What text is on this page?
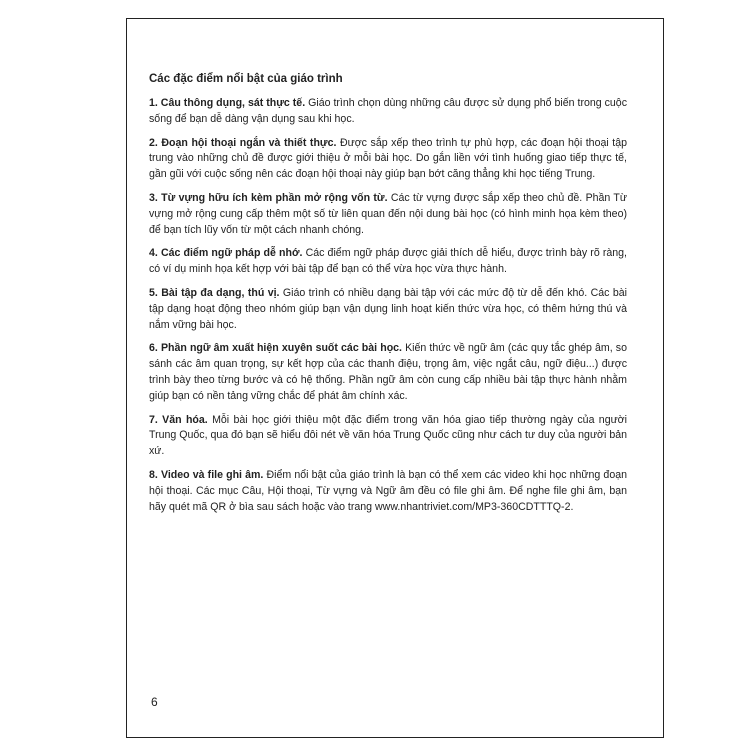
Các đặc điểm nổi bật của giáo trình

1. Câu thông dụng, sát thực tế. Giáo trình chọn dùng những câu được sử dụng phổ biến trong cuộc sống để bạn dễ dàng vận dụng sau khi học.

2. Đoạn hội thoại ngắn và thiết thực. Được sắp xếp theo trình tự phù hợp, các đoạn hội thoại tập trung vào những chủ đề được giới thiệu ở mỗi bài học. Do gắn liền với tình huống giao tiếp thực tế, gần gũi với cuộc sống nên các đoạn hội thoại này giúp bạn bớt căng thẳng khi học tiếng Trung.

3. Từ vựng hữu ích kèm phần mở rộng vốn từ. Các từ vựng được sắp xếp theo chủ đề. Phần Từ vựng mở rộng cung cấp thêm một số từ liên quan đến nội dung bài học (có hình minh họa kèm theo) để bạn tích lũy vốn từ một cách nhanh chóng.

4. Các điểm ngữ pháp dễ nhớ. Các điểm ngữ pháp được giải thích dễ hiểu, được trình bày rõ ràng, có ví dụ minh họa kết hợp với bài tập để bạn có thể vừa học vừa thực hành.

5. Bài tập đa dạng, thú vị. Giáo trình có nhiều dạng bài tập với các mức độ từ dễ đến khó. Các bài tập dạng hoạt động theo nhóm giúp bạn vận dụng linh hoạt kiến thức vừa học, có thêm hứng thú và nắm vững bài học.

6. Phần ngữ âm xuất hiện xuyên suốt các bài học. Kiến thức về ngữ âm (các quy tắc ghép âm, so sánh các âm quan trọng, sự kết hợp của các thanh điệu, trọng âm, việc ngắt câu, ngữ điệu...) được trình bày theo từng bước và có hệ thống. Phần ngữ âm còn cung cấp nhiều bài tập thực hành nhằm giúp bạn có nền tảng vững chắc để phát âm chính xác.

7. Văn hóa. Mỗi bài học giới thiệu một đặc điểm trong văn hóa giao tiếp thường ngày của người Trung Quốc, qua đó bạn sẽ hiểu đôi nét về văn hóa Trung Quốc cũng như cách tư duy của người bản xứ.

8. Video và file ghi âm. Điểm nổi bật của giáo trình là bạn có thể xem các video khi học những đoạn hội thoại. Các mục Câu, Hội thoại, Từ vựng và Ngữ âm đều có file ghi âm. Để nghe file ghi âm, bạn hãy quét mã QR ở bìa sau sách hoặc vào trang www.nhantriviet.com/MP3-360CDTTTQ-2.

6
